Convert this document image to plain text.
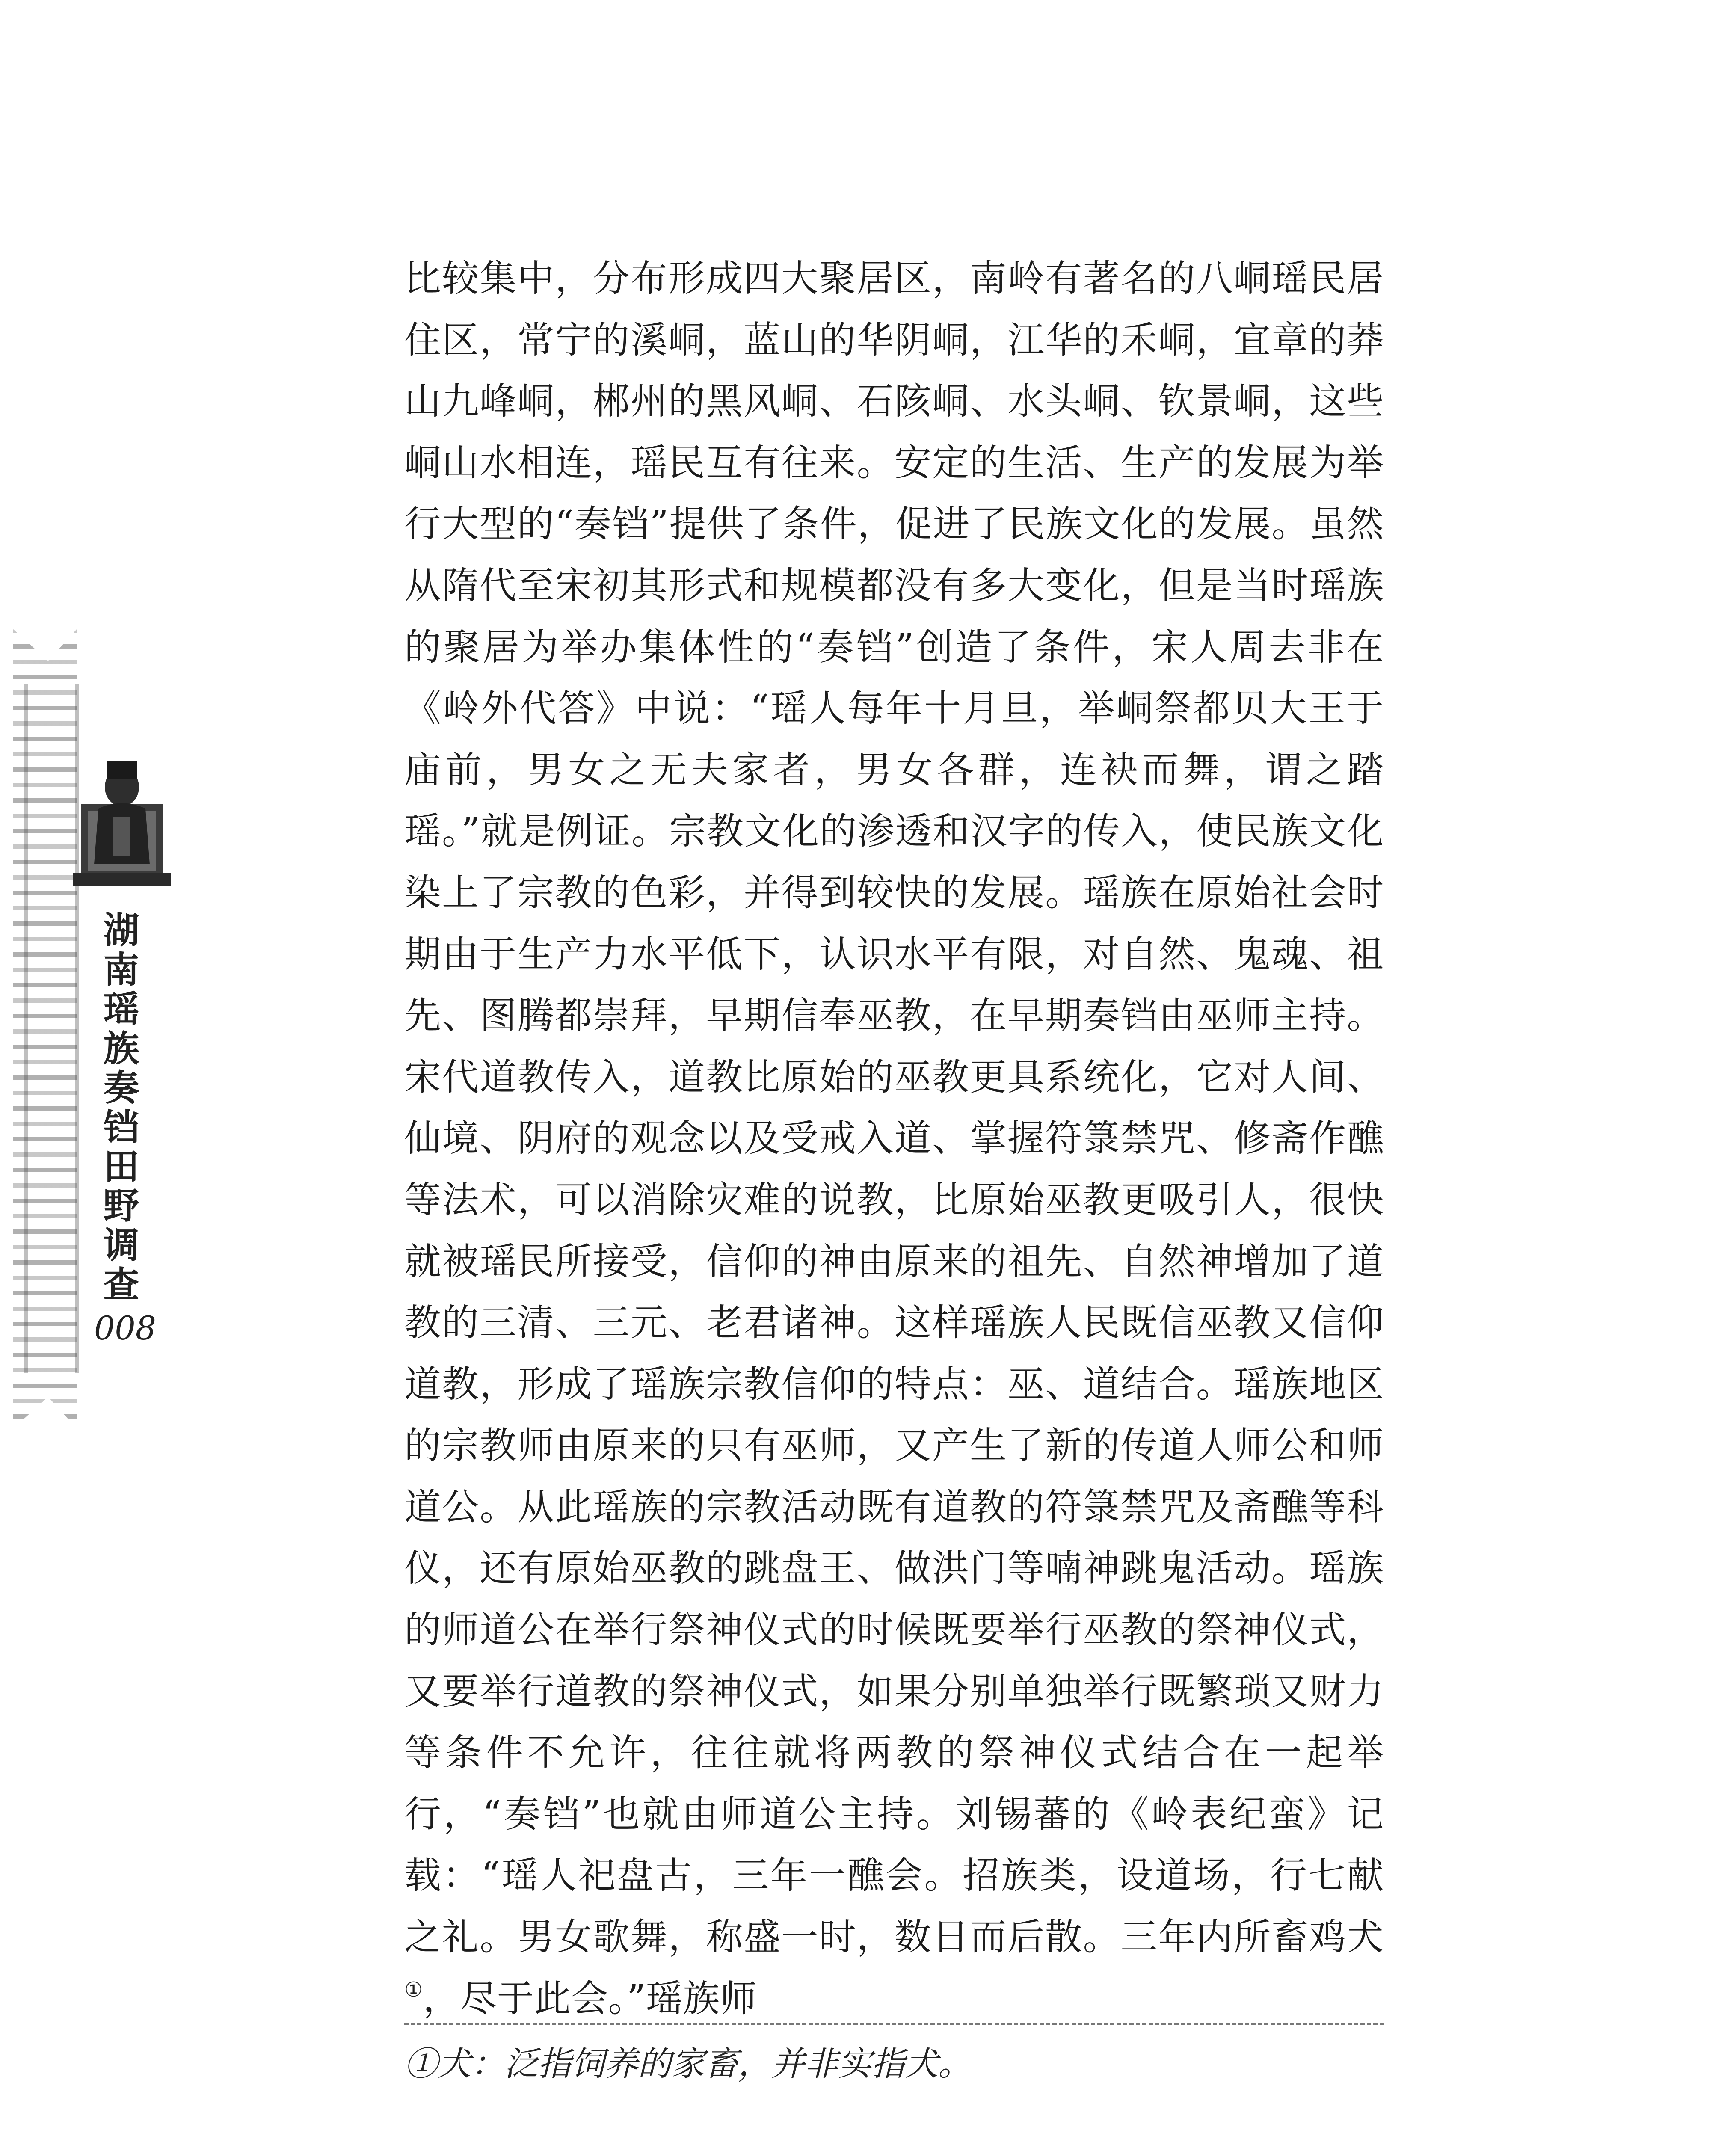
湖南瑶族奏铛田野调查
008

比较集中，分布形成四大聚居区，南岭有著名的八峒瑶民居住区，常宁的溪峒，蓝山的华阴峒，江华的禾峒，宜章的莽山九峰峒，郴州的黑风峒、石陔峒、水头峒、钦景峒，这些峒山水相连，瑶民互有往来。安定的生活、生产的发展为举行大型的“奏铛”提供了条件，促进了民族文化的发展。虽然从隋代至宋初其形式和规模都没有多大变化，但是当时瑶族的聚居为举办集体性的“奏铛”创造了条件，宋人周去非在《岭外代答》中说：“瑶人每年十月旦，举峒祭都贝大王于庙前，男女之无夫家者，男女各群，连袂而舞，谓之踏瑶。”就是例证。宗教文化的渗透和汉字的传入，使民族文化染上了宗教的色彩，并得到较快的发展。瑶族在原始社会时期由于生产力水平低下，认识水平有限，对自然、鬼魂、祖先、图腾都崇拜，早期信奉巫教，在早期奏铛由巫师主持。宋代道教传入，道教比原始的巫教更具系统化，它对人间、仙境、阴府的观念以及受戒入道、掌握符箓禁咒、修斋作醮等法术，可以消除灾难的说教，比原始巫教更吸引人，很快就被瑶民所接受，信仰的神由原来的祖先、自然神增加了道教的三清、三元、老君诸神。这样瑶族人民既信巫教又信仰道教，形成了瑶族宗教信仰的特点：巫、道结合。瑶族地区的宗教师由原来的只有巫师，又产生了新的传道人师公和师道公。从此瑶族的宗教活动既有道教的符箓禁咒及斋醮等科仪，还有原始巫教的跳盘王、做洪门等喃神跳鬼活动。瑶族的师道公在举行祭神仪式的时候既要举行巫教的祭神仪式，又要举行道教的祭神仪式，如果分别单独举行既繁琐又财力等条件不允许，往往就将两教的祭神仪式结合在一起举行，“奏铛”也就由师道公主持。刘锡蕃的《岭表纪蛮》记载：“瑶人祀盘古，三年一醮会。招族类，设道场，行七献之礼。男女歌舞，称盛一时，数日而后散。三年内所畜鸡犬①，尽于此会。”瑶族师

①犬：泛指饲养的家畜，并非实指犬。
